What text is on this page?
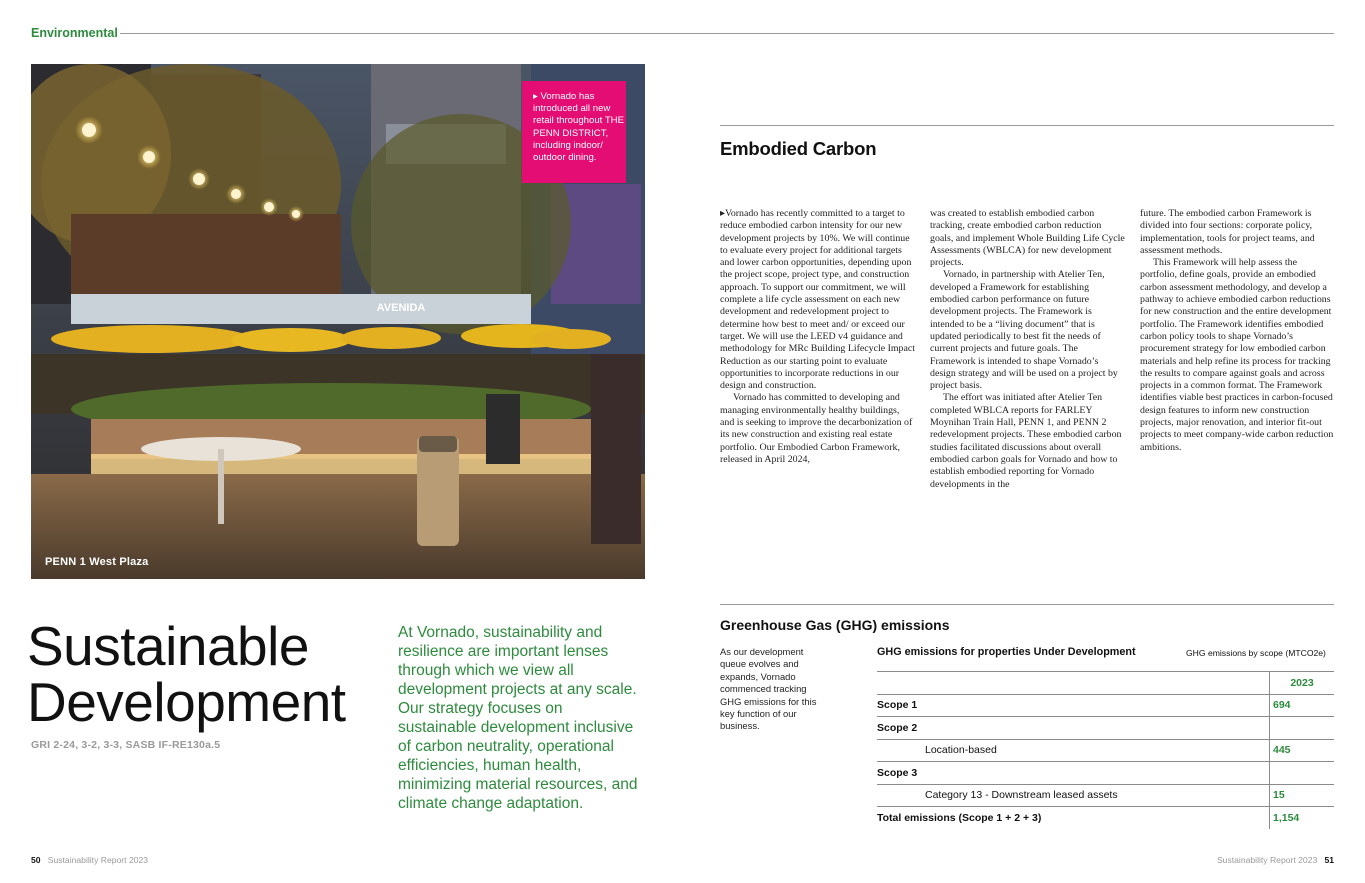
Environmental
AVENIDA
▸ Vornado has introduced all new retail throughout THE PENN DISTRICT, including indoor/ outdoor dining.
PENN 1 West Plaza
Sustainable
Development
GRI 2-24, 3-2, 3-3, SASB IF-RE130a.5

At Vornado, sustainability and resilience are important lenses through which we view all development projects at any scale. Our strategy focuses on sustainable development inclusive of carbon neutrality, operational efficiencies, human health, minimizing material resources, and climate change adaptation.

Embodied Carbon

▸Vornado has recently committed to a target to reduce embodied carbon intensity for our new development projects by 10%. We will continue to evaluate every project for additional targets and lower carbon opportunities, depending upon the project scope, project type, and construction approach. To support our commitment, we will complete a life cycle assessment on each new development and redevelopment project to determine how best to meet and/ or exceed our target. We will use the LEED v4 guidance and methodology for MRc Building Lifecycle Impact Reduction as our starting point to evaluate opportunities to incorporate reductions in our design and construction.

Vornado has committed to developing and managing environmentally healthy buildings, and is seeking to improve the decarbonization of its new construction and existing real estate portfolio. Our Embodied Carbon Framework, released in April 2024,

was created to establish embodied carbon tracking, create embodied carbon reduction goals, and implement Whole Building Life Cycle Assessments (WBLCA) for new development projects.

Vornado, in partnership with Atelier Ten, developed a Framework for establishing embodied carbon performance on future development projects. The Framework is intended to be a “living document” that is updated periodically to best fit the needs of current projects and future goals. The Framework is intended to shape Vornado’s design strategy and will be used on a project by project basis.

The effort was initiated after Atelier Ten completed WBLCA reports for FARLEY Moynihan Train Hall, PENN 1, and PENN 2 redevelopment projects. These embodied carbon studies facilitated discussions about overall embodied carbon goals for Vornado and how to establish embodied reporting for Vornado developments in the

future. The embodied carbon Framework is divided into four sections: corporate policy, implementation, tools for project teams, and assessment methods.

This Framework will help assess the portfolio, define goals, provide an embodied carbon assessment methodology, and develop a pathway to achieve embodied carbon reductions for new construction and the entire development portfolio. The Framework identifies embodied carbon policy tools to shape Vornado’s procurement strategy for low embodied carbon materials and help refine its process for tracking the results to compare against goals and across projects in a common format. The Framework identifies viable best practices in carbon-focused design features to inform new construction projects, major renovation, and interior fit-out projects to meet company-wide carbon reduction ambitions.

Greenhouse Gas (GHG) emissions

As our development queue evolves and expands, Vornado commenced tracking GHG emissions for this key function of our business.

GHG emissions for properties Under Development	GHG emissions by scope (MTCO2e)
	2023
Scope 1	694
Scope 2	
Location-based	445
Scope 3	
Category 13 - Downstream leased assets	15
Total emissions (Scope 1 + 2 + 3)	1,154
50 Sustainability Report 2023	Sustainability Report 2023 51
